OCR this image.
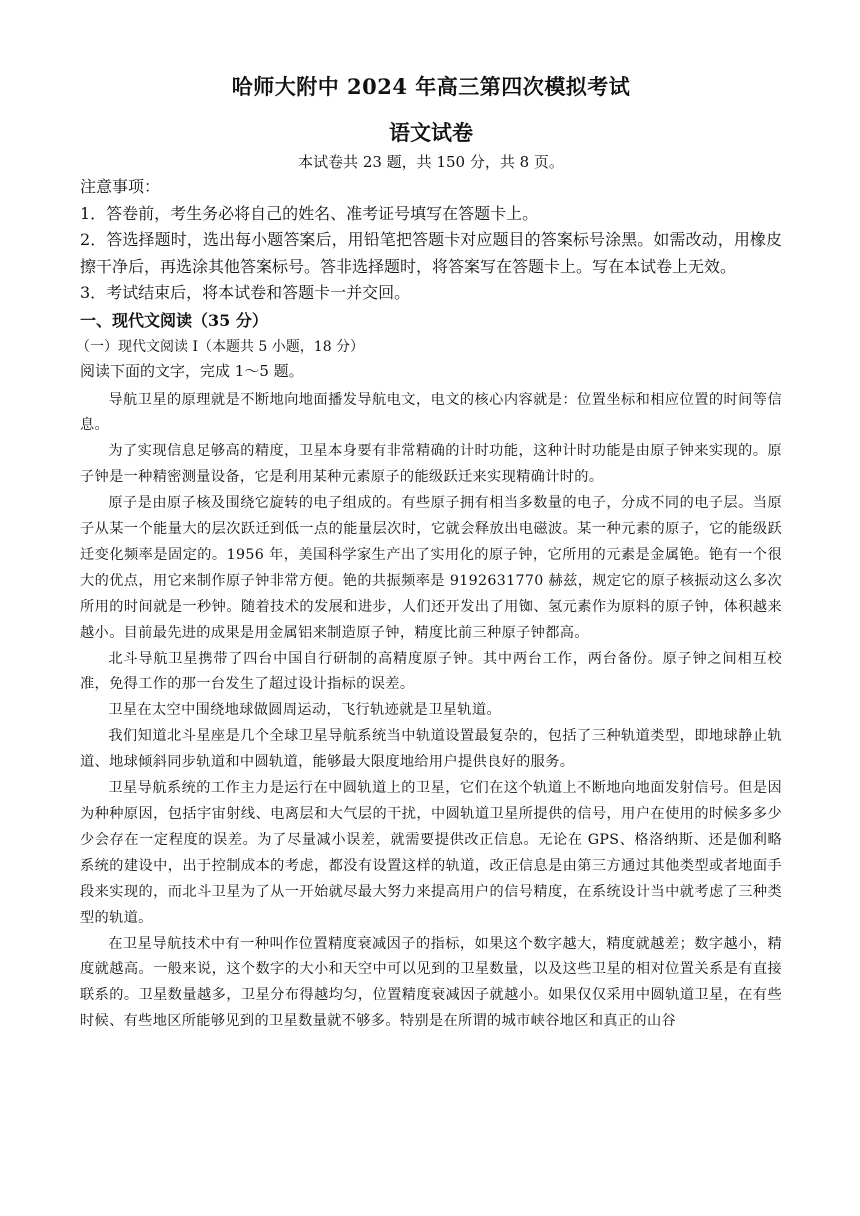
哈师大附中 2024 年高三第四次模拟考试
语文试卷

本试卷共 23 题，共 150 分，共 8 页。

注意事项：

1．答卷前，考生务必将自己的姓名、准考证号填写在答题卡上。

2．答选择题时，选出每小题答案后，用铅笔把答题卡对应题目的答案标号涂黑。如需改动，用橡皮擦干净后，再选涂其他答案标号。答非选择题时，将答案写在答题卡上。写在本试卷上无效。

3．考试结束后，将本试卷和答题卡一并交回。

一、现代文阅读（35 分）

（一）现代文阅读 I（本题共 5 小题，18 分）

阅读下面的文字，完成 1～5 题。

导航卫星的原理就是不断地向地面播发导航电文，电文的核心内容就是：位置坐标和相应位置的时间等信息。

为了实现信息足够高的精度，卫星本身要有非常精确的计时功能，这种计时功能是由原子钟来实现的。原子钟是一种精密测量设备，它是利用某种元素原子的能级跃迁来实现精确计时的。

原子是由原子核及围绕它旋转的电子组成的。有些原子拥有相当多数量的电子，分成不同的电子层。当原子从某一个能量大的层次跃迁到低一点的能量层次时，它就会释放出电磁波。某一种元素的原子，它的能级跃迁变化频率是固定的。1956 年，美国科学家生产出了实用化的原子钟，它所用的元素是金属铯。铯有一个很大的优点，用它来制作原子钟非常方便。铯的共振频率是 9192631770 赫兹，规定它的原子核振动这么多次所用的时间就是一秒钟。随着技术的发展和进步，人们还开发出了用铷、氢元素作为原料的原子钟，体积越来越小。目前最先进的成果是用金属铝来制造原子钟，精度比前三种原子钟都高。

北斗导航卫星携带了四台中国自行研制的高精度原子钟。其中两台工作，两台备份。原子钟之间相互校准，免得工作的那一台发生了超过设计指标的误差。

卫星在太空中围绕地球做圆周运动，飞行轨迹就是卫星轨道。

我们知道北斗星座是几个全球卫星导航系统当中轨道设置最复杂的，包括了三种轨道类型，即地球静止轨道、地球倾斜同步轨道和中圆轨道，能够最大限度地给用户提供良好的服务。

卫星导航系统的工作主力是运行在中圆轨道上的卫星，它们在这个轨道上不断地向地面发射信号。但是因为种种原因，包括宇宙射线、电离层和大气层的干扰，中圆轨道卫星所提供的信号，用户在使用的时候多多少少会存在一定程度的误差。为了尽量减小误差，就需要提供改正信息。无论在 GPS、格洛纳斯、还是伽利略系统的建设中，出于控制成本的考虑，都没有设置这样的轨道，改正信息是由第三方通过其他类型或者地面手段来实现的，而北斗卫星为了从一开始就尽最大努力来提高用户的信号精度，在系统设计当中就考虑了三种类型的轨道。

在卫星导航技术中有一种叫作位置精度衰减因子的指标，如果这个数字越大，精度就越差；数字越小，精度就越高。一般来说，这个数字的大小和天空中可以见到的卫星数量，以及这些卫星的相对位置关系是有直接联系的。卫星数量越多，卫星分布得越均匀，位置精度衰减因子就越小。如果仅仅采用中圆轨道卫星，在有些时候、有些地区所能够见到的卫星数量就不够多。特别是在所谓的城市峡谷地区和真正的山谷
